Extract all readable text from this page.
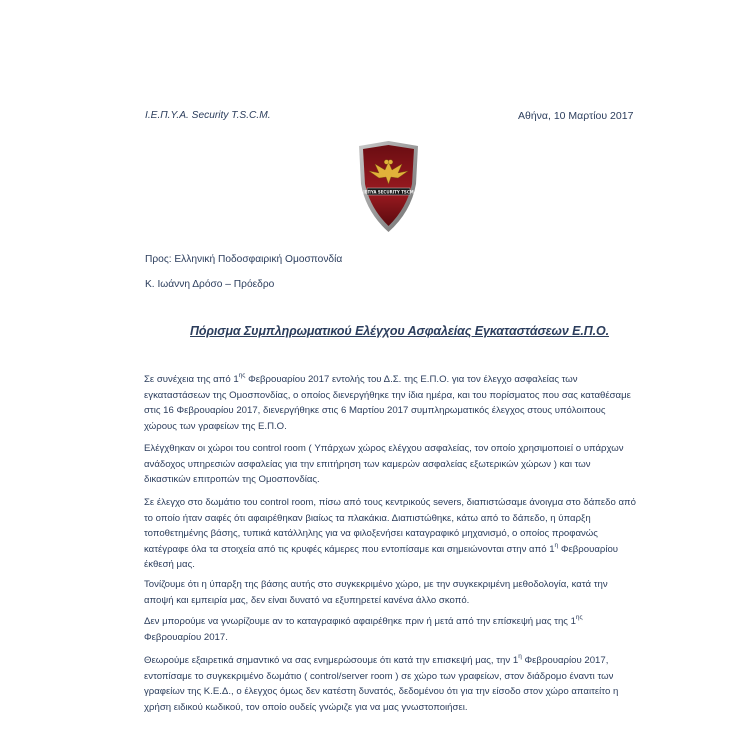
Ι.Ε.Π.Υ.Α. Security T.S.C.M.	Αθήνα, 10 Μαρτίου 2017
IEΠYA SECURITY TSCM
Προς: Ελληνική Ποδοσφαιρική Ομοσπονδία
Κ. Ιωάννη Δρόσο – Πρόεδρο
Πόρισμα Συμπληρωματικού Ελέγχου Ασφαλείας Εγκαταστάσεων Ε.Π.Ο.

Σε συνέχεια της από $1^{\eta\varsigma}$ Φεβρουαρίου 2017 εντολής του Δ.Σ. της Ε.Π.Ο. για τον έλεγχο ασφαλείας των εγκαταστάσεων της Ομοσπονδίας, ο οποίος διενεργήθηκε την ίδια ημέρα, και του πορίσματος που σας καταθέσαμε στις 16 Φεβρουαρίου 2017, διενεργήθηκε στις 6 Μαρτίου 2017 συμπληρωματικός έλεγχος στους υπόλοιπους χώρους των γραφείων της Ε.Π.Ο.

Ελέγχθηκαν οι χώροι του control room ( Υπάρχων χώρος ελέγχου ασφαλείας, τον οποίο χρησιμοποιεί ο υπάρχων ανάδοχος υπηρεσιών ασφαλείας για την επιτήρηση των καμερών ασφαλείας εξωτερικών χώρων ) και των δικαστικών επιτροπών της Ομοσπονδίας.

Σε έλεγχο στο δωμάτιο του control room, πίσω από τους κεντρικούς severs, διαπιστώσαμε άνοιγμα στο δάπεδο από το οποίο ήταν σαφές ότι αφαιρέθηκαν βιαίως τα πλακάκια. Διαπιστώθηκε, κάτω από το δάπεδο, η ύπαρξη τοποθετημένης βάσης, τυπικά κατάλληλης για να φιλοξενήσει καταγραφικό μηχανισμό, ο οποίος προφανώς κατέγραφε όλα τα στοιχεία από τις κρυφές κάμερες που εντοπίσαμε και σημειώνονται στην από $1^\eta$ Φεβρουαρίου έκθεσή μας.

Τονίζουμε ότι η ύπαρξη της βάσης αυτής στο συγκεκριμένο χώρο, με την συγκεκριμένη μεθοδολογία, κατά την αποψή και εμπειρία μας, δεν είναι δυνατό να εξυπηρετεί κανένα άλλο σκοπό.

Δεν μπορούμε να γνωρίζουμε αν το καταγραφικό αφαιρέθηκε πριν ή μετά από την επίσκεψή μας της $1^{\eta\varsigma}$ Φεβρουαρίου 2017.

Θεωρούμε εξαιρετικά σημαντικό να σας ενημερώσουμε ότι κατά την επισκεψή μας, την $1^\eta$ Φεβρουαρίου 2017, εντοπίσαμε το συγκεκριμένο δωμάτιο ( control/server room ) σε χώρο των γραφείων, στον διάδρομο έναντι των γραφείων της Κ.Ε.Δ., ο έλεγχος όμως δεν κατέστη δυνατός, δεδομένου ότι για την είσοδο στον χώρο απαιτείτο η χρήση ειδικού κωδικού, τον οποίο ουδείς γνώριζε για να μας γνωστοποιήσει.
